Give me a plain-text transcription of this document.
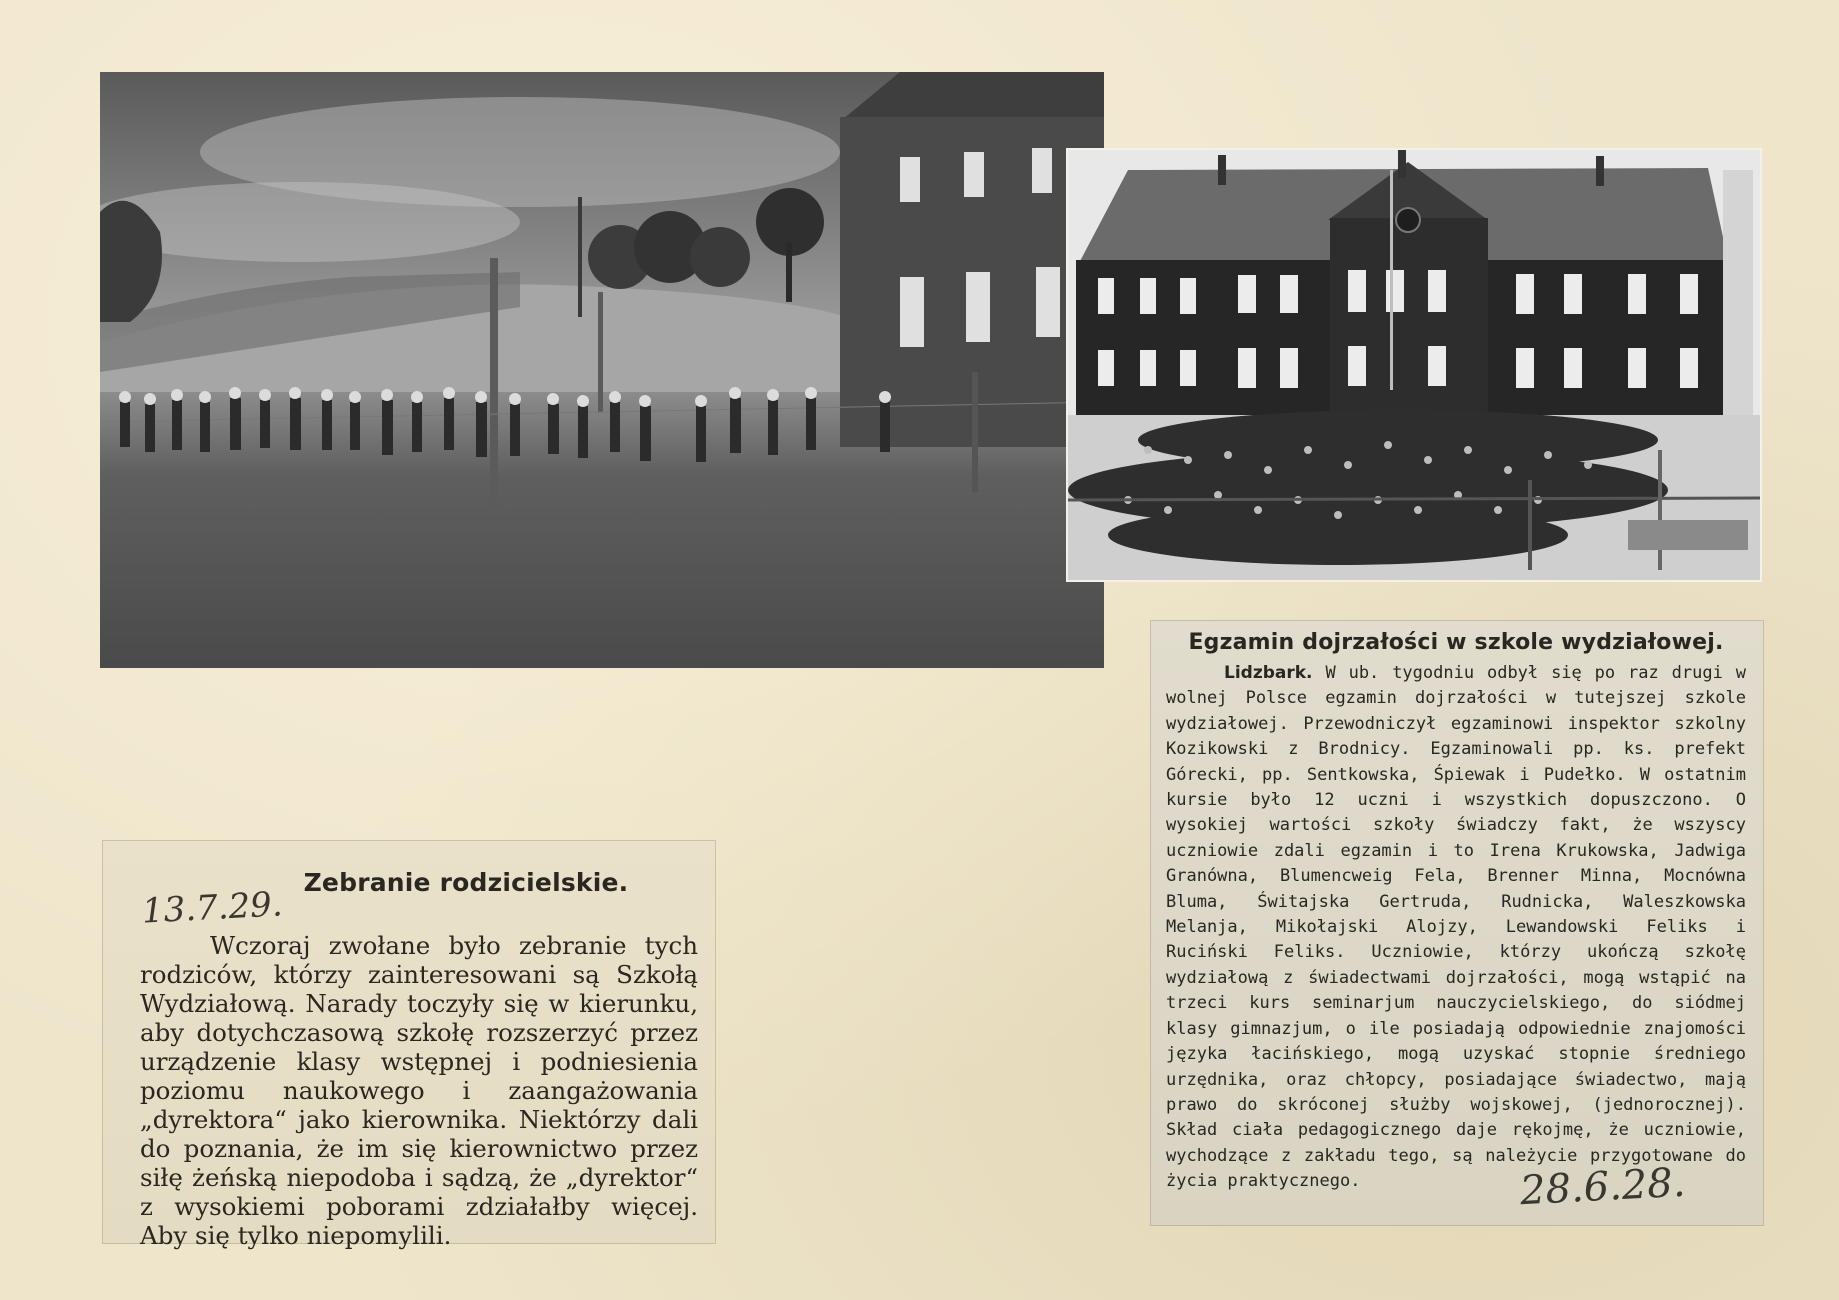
13.7.29.
Zebranie rodzicielskie.

Wczoraj zwołane było zebranie tych rodziców, którzy zainteresowani są Szkołą Wydziałową. Narady toczyły się w kierunku, aby dotychczasową szkołę rozszerzyć przez urządzenie klasy wstępnej i podniesienia poziomu naukowego i zaangażowania „dyrektora“ jako kierownika. Niektórzy dali do poznania, że im się kierownictwo przez siłę żeńską niepodoba i sądzą, że „dyrektor“ z wysokiemi poborami zdziałałby więcej. Aby się tylko niepomylili.

Egzamin dojrzałości w szkole wydziałowej.

Lidzbark. W ub. tygodniu odbył się po raz drugi w wolnej Polsce egzamin dojrzałości w tutejszej szkole wydziałowej. Przewodniczył egzaminowi inspektor szkolny Kozikowski z Brodnicy. Egzaminowali pp. ks. prefekt Górecki, pp. Sentkowska, Śpiewak i Pudełko. W ostatnim kursie było 12 uczni i wszystkich dopuszczono. O wysokiej wartości szkoły świadczy fakt, że wszyscy uczniowie zdali egzamin i to Irena Krukowska, Jadwiga Granówna, Blumencweig Fela, Brenner Minna, Mocnówna Bluma, Świtajska Gertruda, Rudnicka, Waleszkowska Melanja, Mikołajski Alojzy, Lewandowski Feliks i Ruciński Feliks. Uczniowie, którzy ukończą szkołę wydziałową z świadectwami dojrzałości, mogą wstąpić na trzeci kurs seminarjum nauczycielskiego, do siódmej klasy gimnazjum, o ile posiadają odpowiednie znajomości języka łacińskiego, mogą uzyskać stopnie średniego urzędnika, oraz chłopcy, posiadające świadectwo, mają prawo do skróconej służby wojskowej, (jednorocznej). Skład ciała pedagogicznego daje rękojmę, że uczniowie, wychodzące z zakładu tego, są należycie przygotowane do życia praktycznego.	28.6.28.
